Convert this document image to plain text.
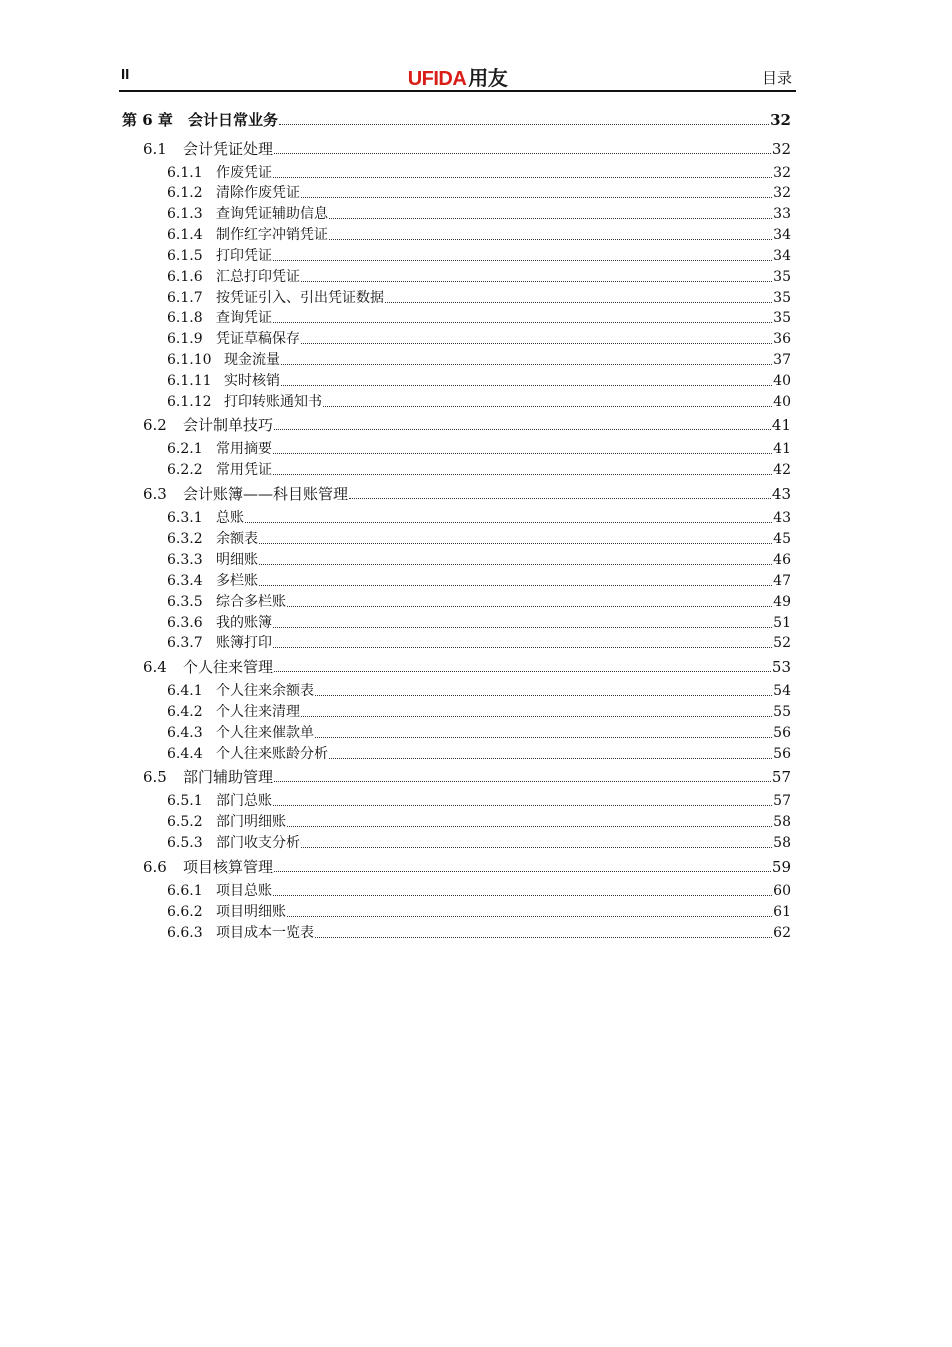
II	UFIDA 用友	目录
第 6 章	会计日常业务	32
6.1	会计凭证处理	32
6.1.1 作废凭证	32
6.1.2 清除作废凭证	32
6.1.3 查询凭证辅助信息	33
6.1.4 制作红字冲销凭证	34
6.1.5 打印凭证	34
6.1.6 汇总打印凭证	35
6.1.7 按凭证引入、引出凭证数据	35
6.1.8 查询凭证	35
6.1.9 凭证草稿保存	36
6.1.10 现金流量	37
6.1.11 实时核销	40
6.1.12 打印转账通知书	40
6.2	会计制单技巧	41
6.2.1 常用摘要	41
6.2.2 常用凭证	42
6.3	会计账簿——科目账管理	43
6.3.1 总账	43
6.3.2 余额表	45
6.3.3 明细账	46
6.3.4 多栏账	47
6.3.5 综合多栏账	49
6.3.6 我的账簿	51
6.3.7 账簿打印	52
6.4	个人往来管理	53
6.4.1 个人往来余额表	54
6.4.2 个人往来清理	55
6.4.3 个人往来催款单	56
6.4.4 个人往来账龄分析	56
6.5	部门辅助管理	57
6.5.1 部门总账	57
6.5.2 部门明细账	58
6.5.3 部门收支分析	58
6.6	项目核算管理	59
6.6.1 项目总账	60
6.6.2 项目明细账	61
6.6.3 项目成本一览表	62
